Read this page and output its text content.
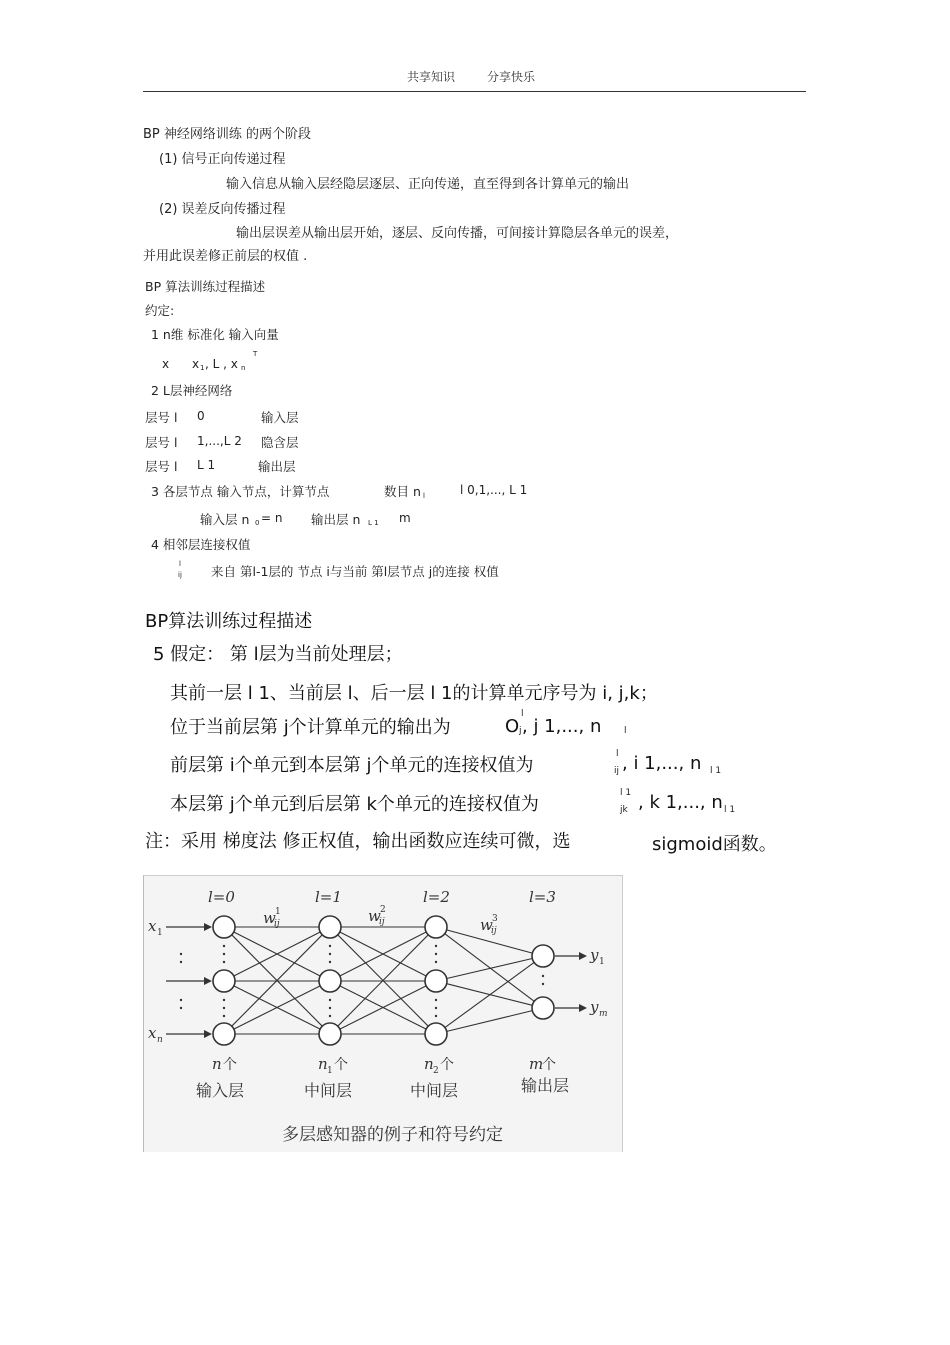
共享知识	分享快乐
BP 神经网络训练 的两个阶段
(1) 信号正向传递过程
输入信息从输入层经隐层逐层、正向传递，直至得到各计算单元的输出
(2) 误差反向传播过程
输出层误差从输出层开始，逐层、反向传播，可间接计算隐层各单元的误差，
并用此误差修正前层的权值 .
BP 算法训练过程描述
约定:
1 n维 标准化 输入向量
x x 1 , L , x n
T
2 L层神经网络
层号 l 0	输入层
层号 l 1,...,L 2 隐含层
层号 l L 1	输出层
3 各层节点 输入节点，计算节点	数目 n l	l 0,1,..., L 1
输入层 n 0 = n 输出层 n L 1 m
4 相邻层连接权值
l
ij 来自 第l-1层的 节点 i与当前 第l层节点 j的连接 权值
BP算法训练过程描述
5 假定： 第 l层为当前处理层；
其前一层 l 1、当前层 l、后一层 l 1的计算单元序号为 i, j,k；
位于当前层第 j个计算单元的输出为	O
l
j , j 1,..., n	l
前层第 i个单元到本层第 j个单元的连接权值为
l
ij , i 1,..., n l 1
本层第 j个单元到后层第 k个单元的连接权值为
l 1
jk , k 1,..., n l 1
注：采用 梯度法 修正权值，输出函数应连续可微，选	sigmoid函数。
x 1
x n
y 1
y m
l=0	l=1	l=2	l=3
w
ij
1	w
ij
2
w
ij
3
n 个	n 1 个	n 2 个	m
个
输入层	中间层	中间层	输出层
多层感知器的例子和符号约定
